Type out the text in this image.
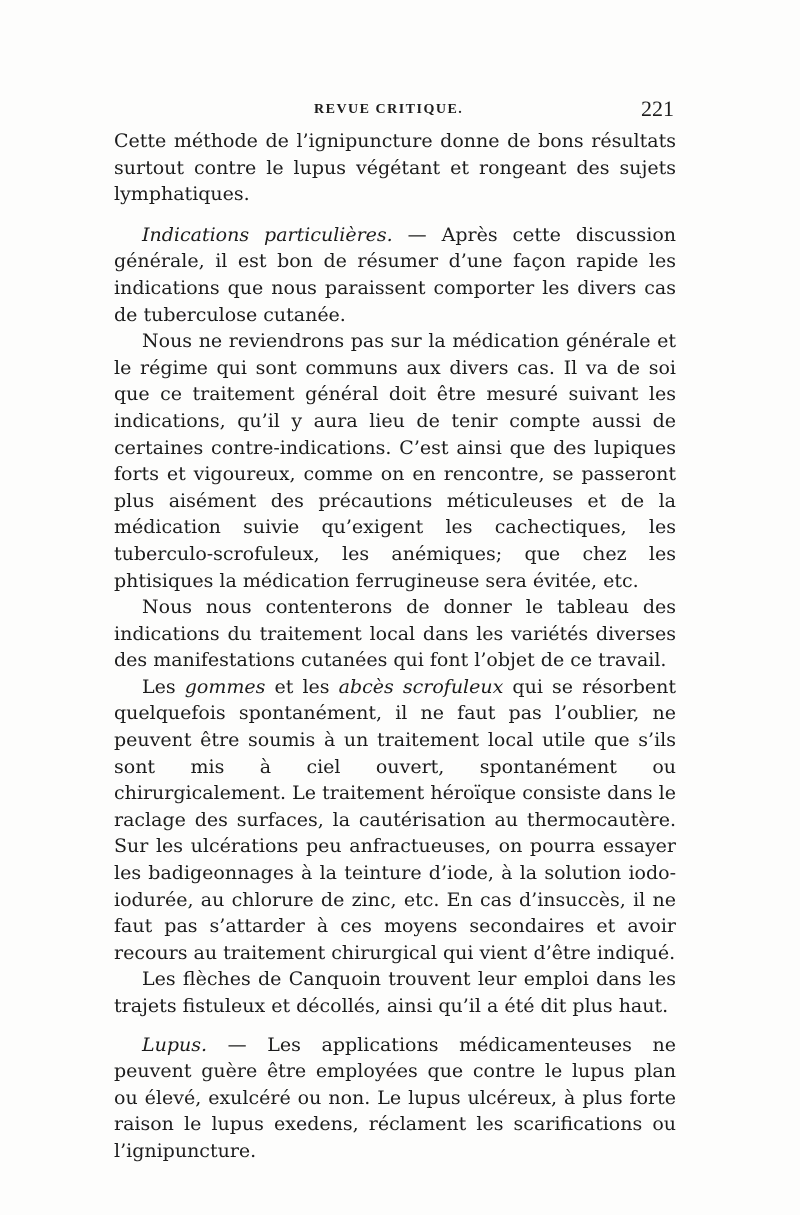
REVUE CRITIQUE.	221

Cette méthode de l’ignipuncture donne de bons résultats surtout contre le lupus végétant et rongeant des sujets lymphatiques.

Indications particulières. — Après cette discussion générale, il est bon de résumer d’une façon rapide les indications que nous paraissent comporter les divers cas de tuberculose cutanée.

Nous ne reviendrons pas sur la médication générale et le régime qui sont communs aux divers cas. Il va de soi que ce traitement général doit être mesuré suivant les indications, qu’il y aura lieu de tenir compte aussi de certaines contre-indications. C’est ainsi que des lupiques forts et vigoureux, comme on en rencontre, se passeront plus aisément des précautions méticuleuses et de la médication suivie qu’exigent les cachectiques, les tuberculo-scrofuleux, les anémiques; que chez les phtisiques la médication ferrugineuse sera évitée, etc.

Nous nous contenterons de donner le tableau des indications du traitement local dans les variétés diverses des manifestations cutanées qui font l’objet de ce travail.

Les gommes et les abcès scrofuleux qui se résorbent quelquefois spontanément, il ne faut pas l’oublier, ne peuvent être soumis à un traitement local utile que s’ils sont mis à ciel ouvert, spontanément ou chirurgicalement. Le traitement héroïque consiste dans le raclage des surfaces, la cautérisation au thermocautère. Sur les ulcérations peu anfractueuses, on pourra essayer les badigeonnages à la teinture d’iode, à la solution iodo-iodurée, au chlorure de zinc, etc. En cas d’insuccès, il ne faut pas s’attarder à ces moyens secondaires et avoir recours au traitement chirurgical qui vient d’être indiqué.

Les flèches de Canquoin trouvent leur emploi dans les trajets fistuleux et décollés, ainsi qu’il a été dit plus haut.

Lupus. — Les applications médicamenteuses ne peuvent guère être employées que contre le lupus plan ou élevé, exulcéré ou non. Le lupus ulcéreux, à plus forte raison le lupus exedens, réclament les scarifications ou l’ignipuncture.
